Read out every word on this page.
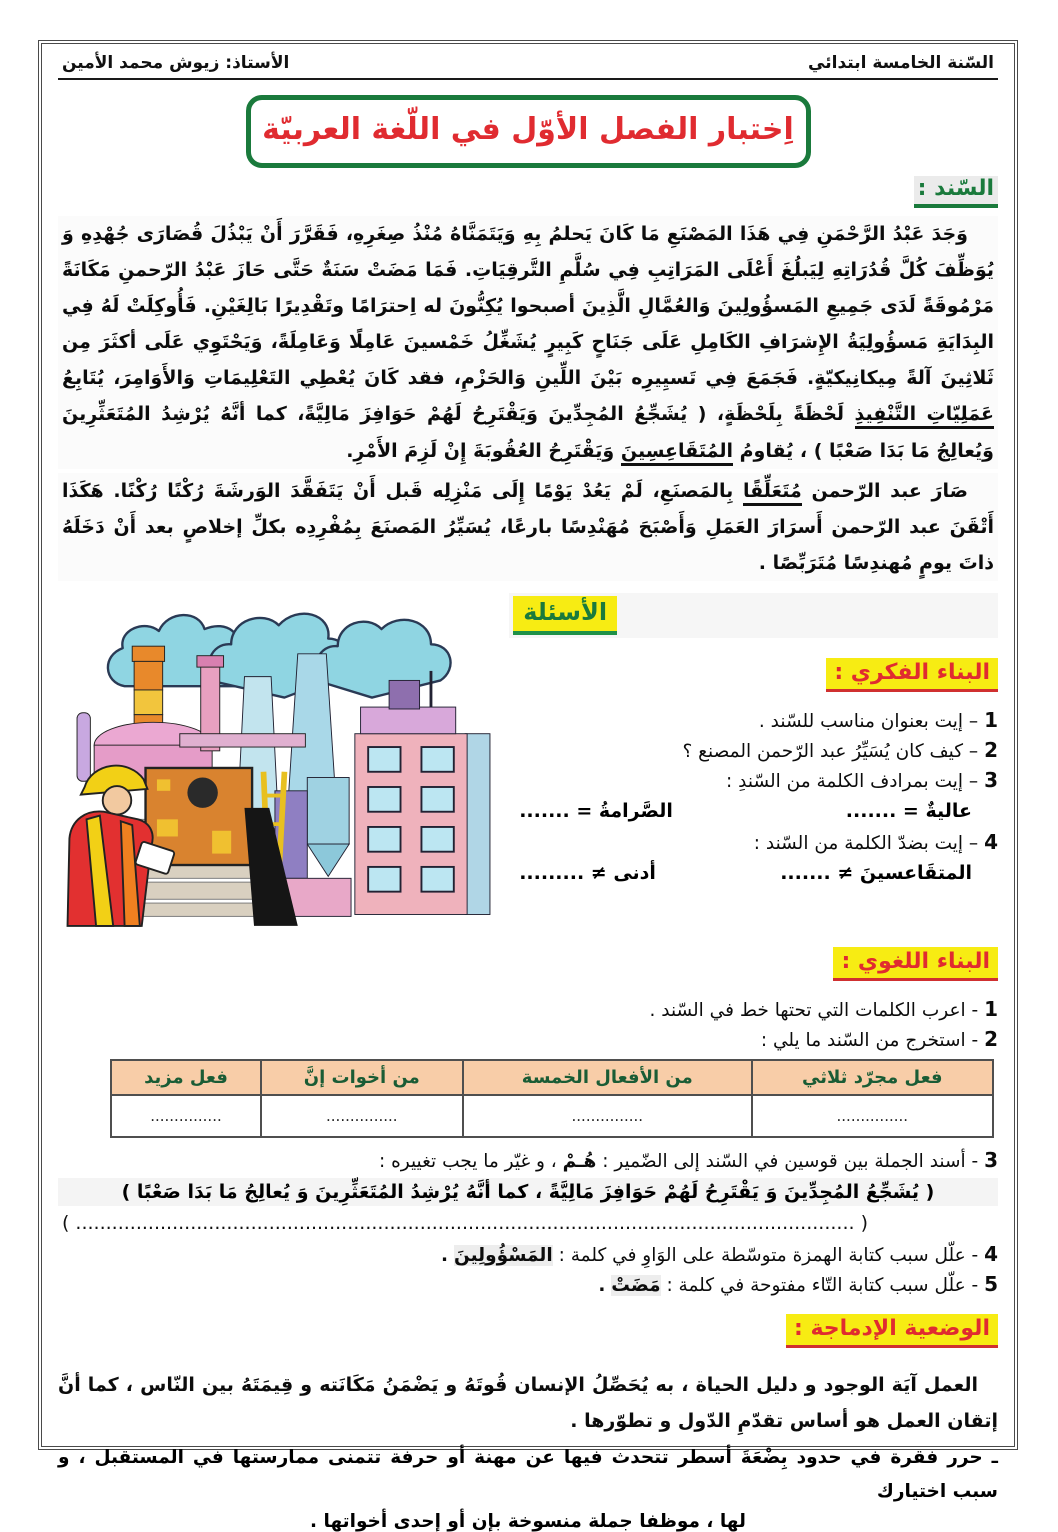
السّنة الخامسة ابتدائي
الأستاذ: زيوش محمد الأمين
اِختبار الفصل الأوّل في اللّغة العربيّة
السّند :

وَجَدَ عَبْدُ الرَّحْمَنِ فِي هَذَا المَصْنَعِ مَا كَانَ يَحلمُ بِهِ وَيَتَمَنَّاهُ مُنْذُ صِغَرِهِ، فَقَرَّرَ أَنْ يَبْذُلَ قُصَارَى جُهْدِهِ وَ يُوَظِّفَ كُلَّ قُدُرَاتِهِ لِيَبلُغَ أَعْلَى المَرَاتِبِ فِي سُلَّمِ التَّرقِيَاتِ. فَمَا مَضَتْ سَنَةٌ حَتَّى حَازَ عَبْدُ الرّحمنِ مَكَانَةً مَرْمُوقَةً لَدَى جَمِيعِ المَسؤُولِينَ وَالعُمَّالِ الَّذِينَ أصبحوا يُكِنُّونَ له اِحترَامًا وتَقْدِيرًا بَالِغَيْنِ. فَأُوكِلَتْ لَهُ فِي البِدَايَةِ مَسؤُولِيَةُ الإِشرَافِ الكَامِلِ عَلَى جَنَاحٍ كَبِيرٍ يُشَغِّلُ خَمْسينَ عَامِلًا وَعَامِلَةً، وَيَحْتَوِي عَلَى أكثَرَ مِن ثَلاثِينَ آلةً مِيكانِيكيّةٍ. فَجَمَعَ فِي تَسيِيرِه بَيْنَ اللِّينِ وَالحَزْمِ، فقد كَانَ يُعْطِي التَعْلِيمَاتِ وَالأَوَامِرَ، يُتَابِعُ عَمَلِيّاتِ التَّنْفِيذِ لَحْظَةً بِلَحْظَةٍ، ( يُشَجِّعُ المُجِدِّينَ وَيَقْتَرِحُ لَهُمْ حَوَافِزَ مَالِيَّةً، كما أنَّهُ يُرْشِدُ المُتَعَثِّرِينَ وَيُعالِجُ مَا بَدَا صَعْبًا ) ، يُقاومُ المُتَقَاعِسِينَ وَيَقْتَرِحُ العُقُوبَةَ إِنْ لَزِمَ الأَمْرِ.

صَارَ عبد الرّحمن مُتَعَلِّقًا بِالمَصنَعِ، لَمْ يَعُدْ يَوْمًا إِلَى مَنْزِلِه قَبل أَنْ يَتَفَقَّدَ الوَرشَةَ رُكْنًا رُكْنًا. هَكَذَا أَتْقَنَ عبد الرّحمن أَسرَارَ العَمَلِ وَأَصْبَحَ مُهَنْدِسًا بارعًا، يُسَيِّرُ المَصنَعَ بِمُفْرِدِه بكلِّ إخلاصٍ بعد أَنْ دَخَلَهُ ذاتَ يومٍ مُهندِسًا مُتَرَبِّصًا .

الأسئلة
البناء الفكري :
1 – إيت بعنوان مناسب للسّند .
2 – كيف كان يُسَيِّرُ عبد الرّحمن المصنع ؟
3 – إيت بمرادف الكلمة من السّندِ :
عاليةٌ = .......
الصَّرامةُ = .......
4 – إيت بضدّ الكلمة من السّند :
المتقَاعسينَ ≠ .......
أدنى ≠ .........
البناء اللغوي :
1 - اعرب الكلمات التي تحتها خط في السّند .
2 - استخرج من السّند ما يلي :
فعل مجرّد ثلاثي	من الأفعال الخمسة	من أخوات إنَّ	فعل مزيد
...............	...............	...............	...............
3 - أسند الجملة بين قوسين في السّند إلى الضّمير : هُـمْ ، و غيّر ما يجب تغييره :
( يُشَجِّعُ المُجِدِّينَ وَ يَقْتَرِحُ لَهُمْ حَوَافِزَ مَالِيَّةً ، كما أنَّهُ يُرْشِدُ المُتَعَثِّرِينَ وَ يُعالِجُ مَا بَدَا صَعْبًا )
( ................................................................................................................................. )
4 - علّل سبب كتابة الهمزة متوسّطة على الوَاوِ في كلمة : المَسْؤُولِينَ .
5 - علّل سبب كتابة التّاء مفتوحة في كلمة : مَضَتْ .
الوضعية الإدماجة :

العمل آيَة الوجود و دليل الحياة ، به يُحَصِّلُ الإنسان قُوتَهُ و يَضْمَنُ مَكَانَته و قِيمَتَهُ بين النّاس ، كما أنَّ إتقان العمل هو أساس تقدّمِ الدّول و تطوّرها .

ـ حرر فقرة في حدود بِضْعَةَ أسطر تتحدث فيها عن مهنة أو حرفة تتمنى ممارستها في المستقبل ، و سبب اختيارك

لها ، موظفا جملة منسوخة بإن أو إحدى أخواتها .
